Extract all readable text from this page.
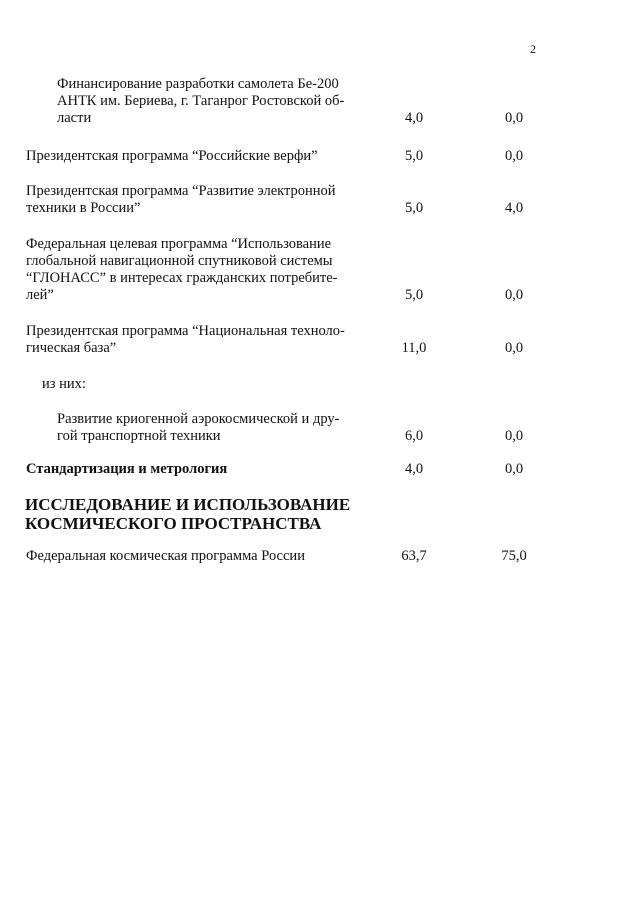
2
Финансирование разработки самолета Бе-200
АНТК им. Бериева, г. Таганрог Ростовской об-
ласти	4,0	0,0
Президентская программа “Российские верфи”	5,0	0,0
Президентская программа “Развитие электронной
техники в России”	5,0	4,0
Федеральная целевая программа “Использование
глобальной навигационной спутниковой системы
“ГЛОНАСС” в интересах гражданских потребите-
лей”	5,0	0,0
Президентская программа “Национальная техноло-
гическая база”	11,0	0,0
из них:
Развитие криогенной аэрокосмической и дру-
гой транспортной техники	6,0	0,0
Стандартизация и метрология	4,0	0,0
ИССЛЕДОВАНИЕ И ИСПОЛЬЗОВАНИЕ
КОСМИЧЕСКОГО ПРОСТРАНСТВА
Федеральная космическая программа России	63,7	75,0
